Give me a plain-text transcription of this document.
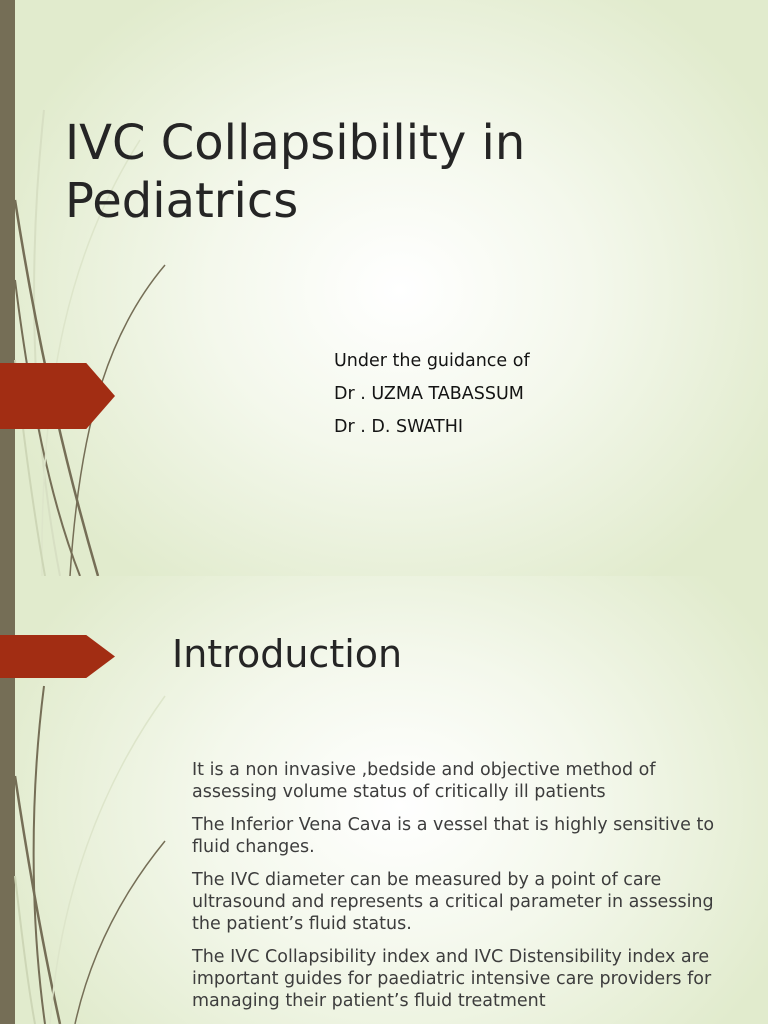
IVC Collapsibility in Pediatrics
Under the guidance of
Dr . UZMA TABASSUM
Dr . D. SWATHI
Introduction
It is a non invasive ,bedside and objective method of assessing volume status of critically ill patients
The Inferior Vena Cava is a vessel that is highly sensitive to fluid changes.
The IVC diameter can be measured by a point of care ultrasound and represents a critical parameter in assessing the patient’s fluid status.
The IVC Collapsibility index and IVC Distensibility index are important guides for paediatric intensive care providers for managing their patient’s fluid treatment
